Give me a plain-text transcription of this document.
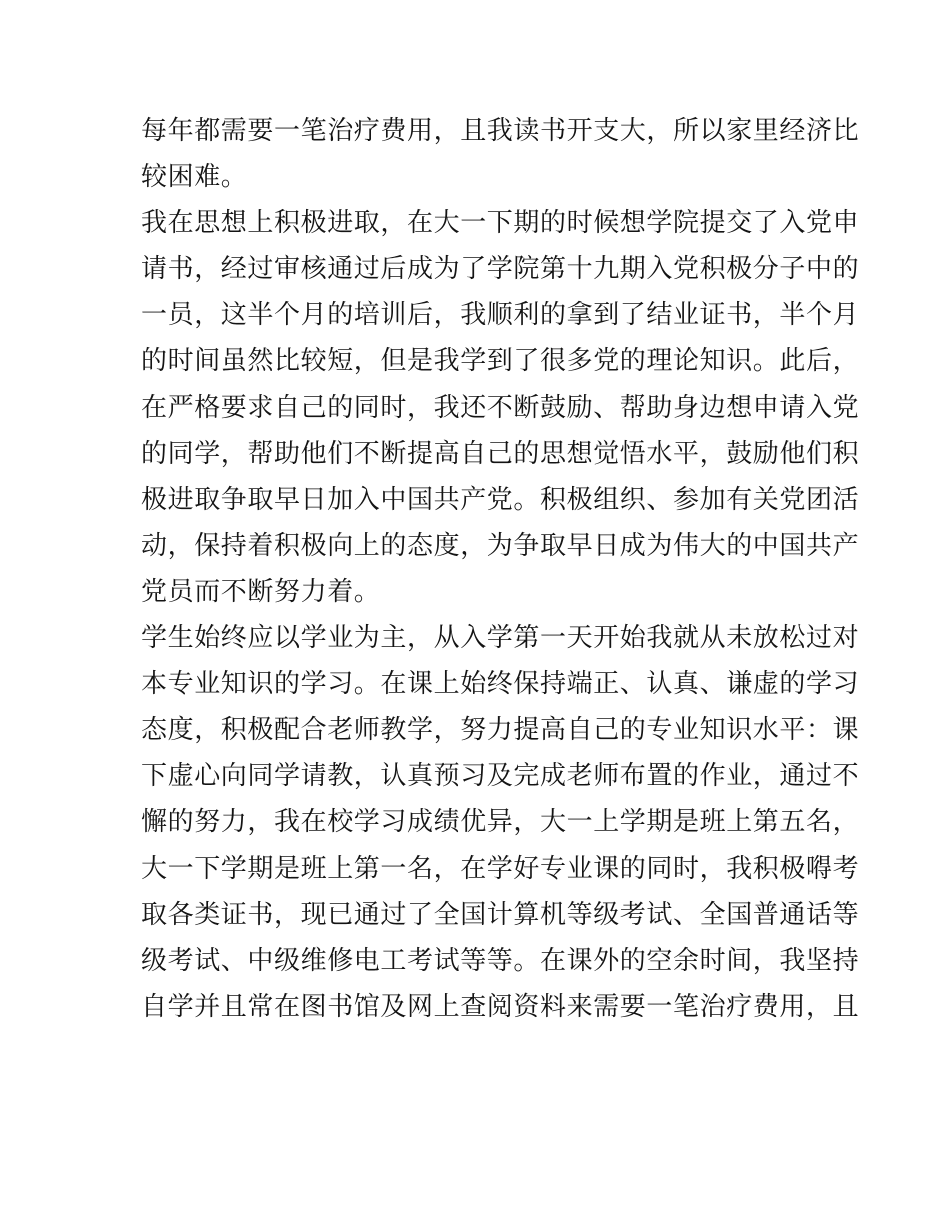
每年都需要一笔治疗费用，且我读书开支大，所以家里经济比
较困难。
我在思想上积极进取，在大一下期的时候想学院提交了入党申
请书，经过审核通过后成为了学院第十九期入党积极分子中的
一员，这半个月的培训后，我顺利的拿到了结业证书，半个月
的时间虽然比较短，但是我学到了很多党的理论知识。此后，
在严格要求自己的同时，我还不断鼓励、帮助身边想申请入党
的同学，帮助他们不断提高自己的思想觉悟水平，鼓励他们积
极进取争取早日加入中国共产党。积极组织、参加有关党团活
动，保持着积极向上的态度，为争取早日成为伟大的中国共产
党员而不断努力着。
学生始终应以学业为主，从入学第一天开始我就从未放松过对
本专业知识的学习。在课上始终保持端正、认真、谦虚的学习
态度，积极配合老师教学，努力提高自己的专业知识水平：课
下虚心向同学请教，认真预习及完成老师布置的作业，通过不
懈的努力，我在校学习成绩优异，大一上学期是班上第五名，
大一下学期是班上第一名，在学好专业课的同时，我积极嘚考
取各类证书，现已通过了全国计算机等级考试、全国普通话等
级考试、中级维修电工考试等等。在课外的空余时间，我坚持
自学并且常在图书馆及网上查阅资料来需要一笔治疗费用，且
